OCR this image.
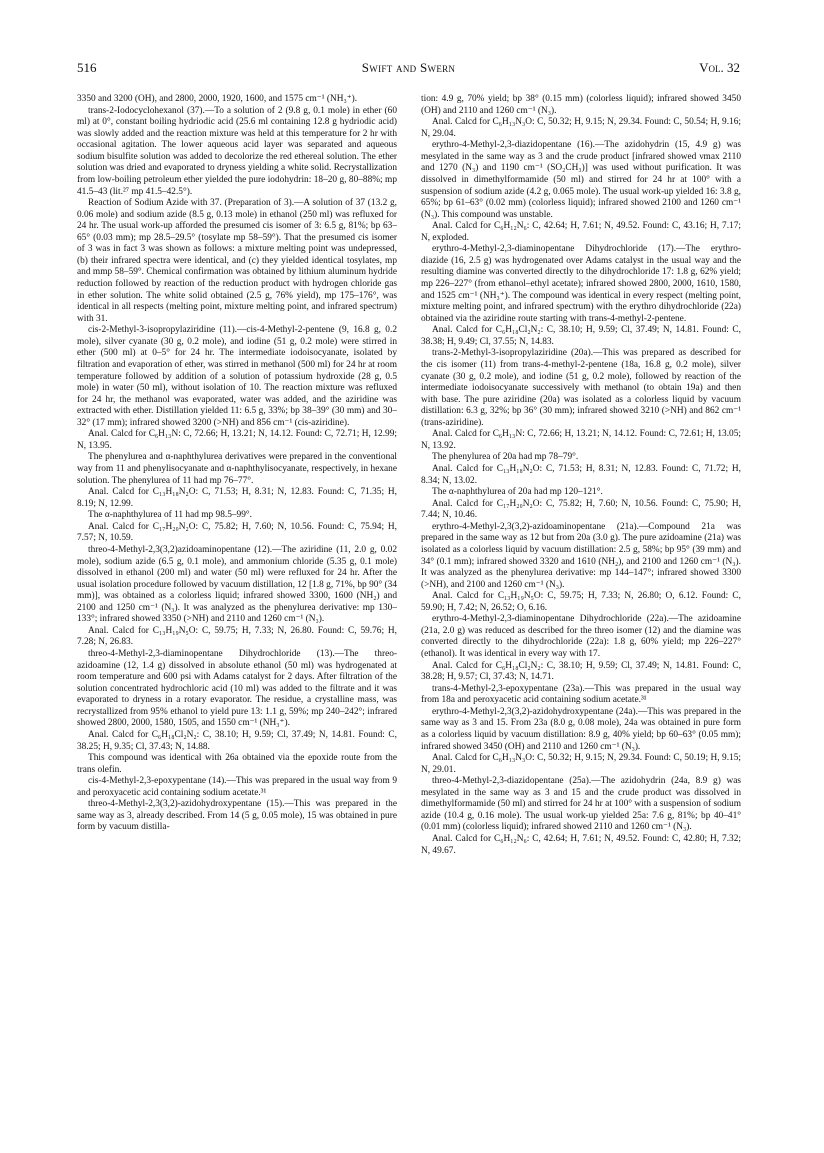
516	Swift and Swern	Vol. 32

3350 and 3200 (OH), and 2800, 2000, 1920, 1600, and 1575 cm⁻¹ (NH₃⁺).

trans-2-Iodocyclohexanol (37).—To a solution of 2 (9.8 g, 0.1 mole) in ether (60 ml) at 0°, constant boiling hydriodic acid (25.6 ml containing 12.8 g hydriodic acid) was slowly added and the reaction mixture was held at this temperature for 2 hr with occasional agitation. The lower aqueous acid layer was separated and aqueous sodium bisulfite solution was added to decolorize the red ethereal solution. The ether solution was dried and evaporated to dryness yielding a white solid. Recrystallization from low-boiling petroleum ether yielded the pure iodohydrin: 18–20 g, 80–88%; mp 41.5–43 (lit.²⁷ mp 41.5–42.5°).

Reaction of Sodium Azide with 37. (Preparation of 3).—A solution of 37 (13.2 g, 0.06 mole) and sodium azide (8.5 g, 0.13 mole) in ethanol (250 ml) was refluxed for 24 hr. The usual work-up afforded the presumed cis isomer of 3: 6.5 g, 81%; bp 63–65° (0.03 mm); mp 28.5–29.5° (tosylate mp 58–59°). That the presumed cis isomer of 3 was in fact 3 was shown as follows: a mixture melting point was undepressed, (b) their infrared spectra were identical, and (c) they yielded identical tosylates, mp and mmp 58–59°. Chemical confirmation was obtained by lithium aluminum hydride reduction followed by reaction of the reduction product with hydrogen chloride gas in ether solution. The white solid obtained (2.5 g, 76% yield), mp 175–176°, was identical in all respects (melting point, mixture melting point, and infrared spectrum) with 31.

cis-2-Methyl-3-isopropylaziridine (11).—cis-4-Methyl-2-pentene (9, 16.8 g, 0.2 mole), silver cyanate (30 g, 0.2 mole), and iodine (51 g, 0.2 mole) were stirred in ether (500 ml) at 0–5° for 24 hr. The intermediate iodoisocyanate, isolated by filtration and evaporation of ether, was stirred in methanol (500 ml) for 24 hr at room temperature followed by addition of a solution of potassium hydroxide (28 g, 0.5 mole) in water (50 ml), without isolation of 10. The reaction mixture was refluxed for 24 hr, the methanol was evaporated, water was added, and the aziridine was extracted with ether. Distillation yielded 11: 6.5 g, 33%; bp 38–39° (30 mm) and 30–32° (17 mm); infrared showed 3200 (>NH) and 856 cm⁻¹ (cis-aziridine).

Anal. Calcd for C₆H₁₃N: C, 72.66; H, 13.21; N, 14.12. Found: C, 72.71; H, 12.99; N, 13.95.

The phenylurea and α-naphthylurea derivatives were prepared in the conventional way from 11 and phenylisocyanate and α-naphthylisocyanate, respectively, in hexane solution. The phenylurea of 11 had mp 76–77°.

Anal. Calcd for C₁₃H₁₈N₂O: C, 71.53; H, 8.31; N, 12.83. Found: C, 71.35; H, 8.19; N, 12.99.

The α-naphthylurea of 11 had mp 98.5–99°.

Anal. Calcd for C₁₇H₂₀N₂O: C, 75.82; H, 7.60; N, 10.56. Found: C, 75.94; H, 7.57; N, 10.59.

threo-4-Methyl-2,3(3,2)azidoaminopentane (12).—The aziridine (11, 2.0 g, 0.02 mole), sodium azide (6.5 g, 0.1 mole), and ammonium chloride (5.35 g, 0.1 mole) dissolved in ethanol (200 ml) and water (50 ml) were refluxed for 24 hr. After the usual isolation procedure followed by vacuum distillation, 12 [1.8 g, 71%, bp 90° (34 mm)], was obtained as a colorless liquid; infrared showed 3300, 1600 (NH₂) and 2100 and 1250 cm⁻¹ (N₃). It was analyzed as the phenylurea derivative: mp 130–133°; infrared showed 3350 (>NH) and 2110 and 1260 cm⁻¹ (N₃).

Anal. Calcd for C₁₃H₁₉N₅O: C, 59.75; H, 7.33; N, 26.80. Found: C, 59.76; H, 7.28; N, 26.83.

threo-4-Methyl-2,3-diaminopentane Dihydrochloride (13).—The threo-azidoamine (12, 1.4 g) dissolved in absolute ethanol (50 ml) was hydrogenated at room temperature and 600 psi with Adams catalyst for 2 days. After filtration of the solution concentrated hydrochloric acid (10 ml) was added to the filtrate and it was evaporated to dryness in a rotary evaporator. The residue, a crystalline mass, was recrystallized from 95% ethanol to yield pure 13: 1.1 g, 59%; mp 240–242°; infrared showed 2800, 2000, 1580, 1505, and 1550 cm⁻¹ (NH₃⁺).

Anal. Calcd for C₆H₁₈Cl₂N₂: C, 38.10; H, 9.59; Cl, 37.49; N, 14.81. Found: C, 38.25; H, 9.35; Cl, 37.43; N, 14.88.

This compound was identical with 26a obtained via the epoxide route from the trans olefin.

cis-4-Methyl-2,3-epoxypentane (14).—This was prepared in the usual way from 9 and peroxyacetic acid containing sodium acetate.³¹

threo-4-Methyl-2,3(3,2)-azidohydroxypentane (15).—This was prepared in the same way as 3, already described. From 14 (5 g, 0.05 mole), 15 was obtained in pure form by vacuum distilla-

tion: 4.9 g, 70% yield; bp 38° (0.15 mm) (colorless liquid); infrared showed 3450 (OH) and 2110 and 1260 cm⁻¹ (N₃).

Anal. Calcd for C₆H₁₃N₃O: C, 50.32; H, 9.15; N, 29.34. Found: C, 50.54; H, 9.16; N, 29.04.

erythro-4-Methyl-2,3-diazidopentane (16).—The azidohydrin (15, 4.9 g) was mesylated in the same way as 3 and the crude product [infrared showed νmax 2110 and 1270 (N₃) and 1190 cm⁻¹ (SO₂CH₃)] was used without purification. It was dissolved in dimethylformamide (50 ml) and stirred for 24 hr at 100° with a suspension of sodium azide (4.2 g, 0.065 mole). The usual work-up yielded 16: 3.8 g, 65%; bp 61–63° (0.02 mm) (colorless liquid); infrared showed 2100 and 1260 cm⁻¹ (N₃). This compound was unstable.

Anal. Calcd for C₆H₁₂N₆: C, 42.64; H, 7.61; N, 49.52. Found: C, 43.16; H, 7.17; N, exploded.

erythro-4-Methyl-2,3-diaminopentane Dihydrochloride (17).—The erythro-diazide (16, 2.5 g) was hydrogenated over Adams catalyst in the usual way and the resulting diamine was converted directly to the dihydrochloride 17: 1.8 g, 62% yield; mp 226–227° (from ethanol–ethyl acetate); infrared showed 2800, 2000, 1610, 1580, and 1525 cm⁻¹ (NH₃⁺). The compound was identical in every respect (melting point, mixture melting point, and infrared spectrum) with the erythro dihydrochloride (22a) obtained via the aziridine route starting with trans-4-methyl-2-pentene.

Anal. Calcd for C₆H₁₈Cl₂N₂: C, 38.10; H, 9.59; Cl, 37.49; N, 14.81. Found: C, 38.38; H, 9.49; Cl, 37.55; N, 14.83.

trans-2-Methyl-3-isopropylaziridine (20a).—This was prepared as described for the cis isomer (11) from trans-4-methyl-2-pentene (18a, 16.8 g, 0.2 mole), silver cyanate (30 g, 0.2 mole), and iodine (51 g, 0.2 mole), followed by reaction of the intermediate iodoisocyanate successively with methanol (to obtain 19a) and then with base. The pure aziridine (20a) was isolated as a colorless liquid by vacuum distillation: 6.3 g, 32%; bp 36° (30 mm); infrared showed 3210 (>NH) and 862 cm⁻¹ (trans-aziridine).

Anal. Calcd for C₆H₁₃N: C, 72.66; H, 13.21; N, 14.12. Found: C, 72.61; H, 13.05; N, 13.92.

The phenylurea of 20a had mp 78–79°.

Anal. Calcd for C₁₃H₁₈N₂O: C, 71.53; H, 8.31; N, 12.83. Found: C, 71.72; H, 8.34; N, 13.02.

The α-naphthylurea of 20a had mp 120–121°.

Anal. Calcd for C₁₇H₂₀N₂O: C, 75.82; H, 7.60; N, 10.56. Found: C, 75.90; H, 7.44; N, 10.46.

erythro-4-Methyl-2,3(3,2)-azidoaminopentane (21a).—Compound 21a was prepared in the same way as 12 but from 20a (3.0 g). The pure azidoamine (21a) was isolated as a colorless liquid by vacuum distillation: 2.5 g, 58%; bp 95° (39 mm) and 34° (0.1 mm); infrared showed 3320 and 1610 (NH₂), and 2100 and 1260 cm⁻¹ (N₃). It was analyzed as the phenylurea derivative: mp 144–147°; infrared showed 3300 (>NH), and 2100 and 1260 cm⁻¹ (N₃).

Anal. Calcd for C₁₃H₁₉N₅O: C, 59.75; H, 7.33; N, 26.80; O, 6.12. Found: C, 59.90; H, 7.42; N, 26.52; O, 6.16.

erythro-4-Methyl-2,3-diaminopentane Dihydrochloride (22a).—The azidoamine (21a, 2.0 g) was reduced as described for the threo isomer (12) and the diamine was converted directly to the dihydrochloride (22a): 1.8 g, 60% yield; mp 226–227° (ethanol). It was identical in every way with 17.

Anal. Calcd for C₆H₁₈Cl₂N₂: C, 38.10; H, 9.59; Cl, 37.49; N, 14.81. Found: C, 38.28; H, 9.57; Cl, 37.43; N, 14.71.

trans-4-Methyl-2,3-epoxypentane (23a).—This was prepared in the usual way from 18a and peroxyacetic acid containing sodium acetate.³¹

erythro-4-Methyl-2,3(3,2)-azidohydroxypentane (24a).—This was prepared in the same way as 3 and 15. From 23a (8.0 g, 0.08 mole), 24a was obtained in pure form as a colorless liquid by vacuum distillation: 8.9 g, 40% yield; bp 60–63° (0.05 mm); infrared showed 3450 (OH) and 2110 and 1260 cm⁻¹ (N₃).

Anal. Calcd for C₆H₁₃N₃O: C, 50.32; H, 9.15; N, 29.34. Found: C, 50.19; H, 9.15; N, 29.01.

threo-4-Methyl-2,3-diazidopentane (25a).—The azidohydrin (24a, 8.9 g) was mesylated in the same way as 3 and 15 and the crude product was dissolved in dimethylformamide (50 ml) and stirred for 24 hr at 100° with a suspension of sodium azide (10.4 g, 0.16 mole). The usual work-up yielded 25a: 7.6 g, 81%; bp 40–41° (0.01 mm) (colorless liquid); infrared showed 2110 and 1260 cm⁻¹ (N₃).

Anal. Calcd for C₆H₁₂N₆: C, 42.64; H, 7.61; N, 49.52. Found: C, 42.80; H, 7.32; N, 49.67.
